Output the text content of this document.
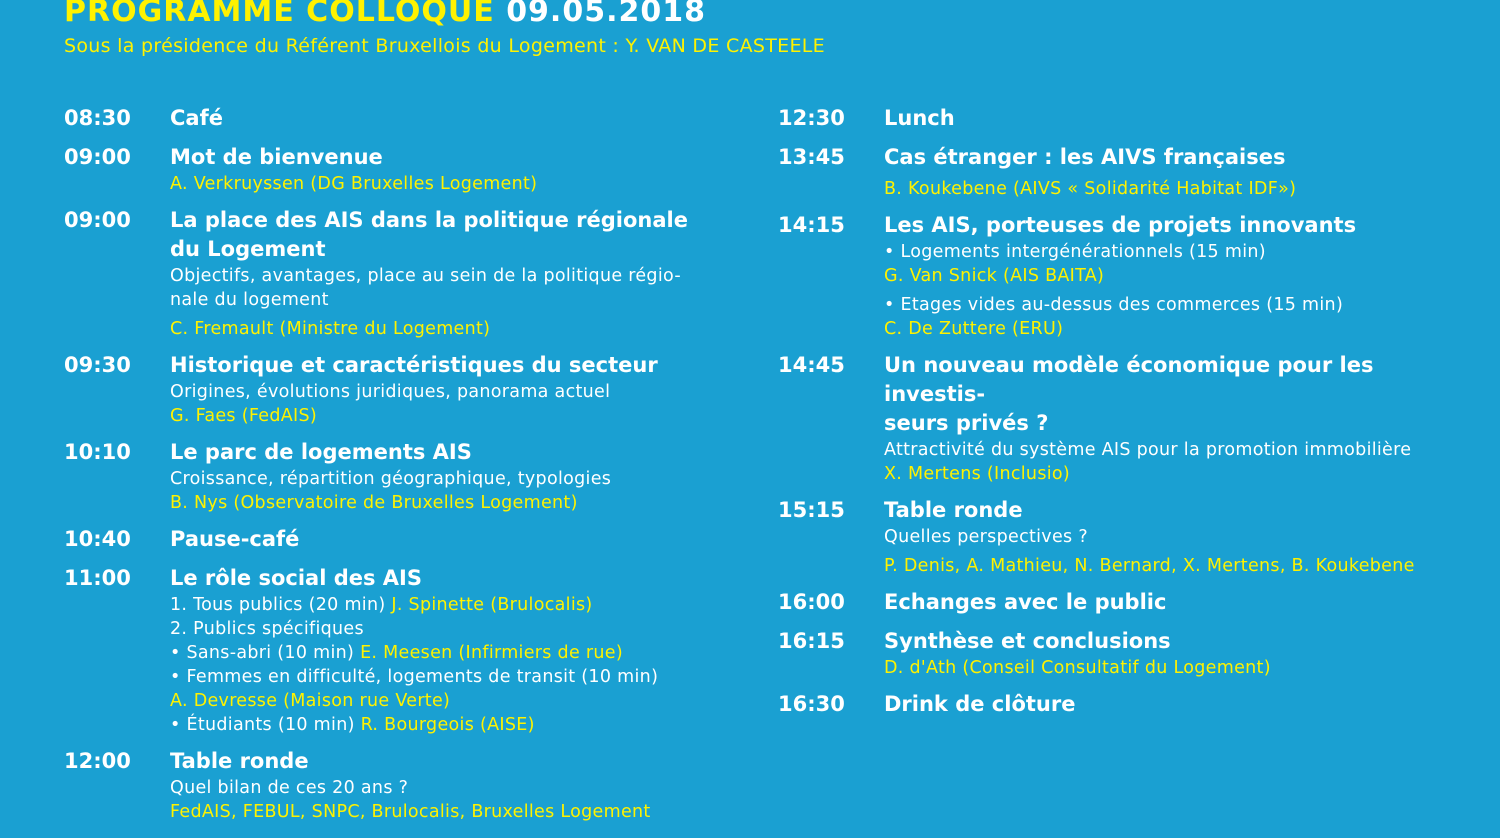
PROGRAMME COLLOQUE 09.05.2018
Sous la présidence du Référent Bruxellois du Logement : Y. VAN DE CASTEELE
08:30	Café
09:00	Mot de bienvenue
A. Verkruyssen (DG Bruxelles Logement)
09:00	La place des AIS dans la politique régionale du Logement
Objectifs, avantages, place au sein de la politique régio-
nale du logement
C. Fremault (Ministre du Logement)
09:30	Historique et caractéristiques du secteur
Origines, évolutions juridiques, panorama actuel
G. Faes (FedAIS)
10:10	Le parc de logements AIS
Croissance, répartition géographique, typologies
B. Nys (Observatoire de Bruxelles Logement)
10:40	Pause-café
11:00	Le rôle social des AIS
1. Tous publics (20 min) J. Spinette (Brulocalis)
2. Publics spécifiques
• Sans-abri (10 min) E. Meesen (Infirmiers de rue)
• Femmes en difficulté, logements de transit (10 min)
A. Devresse (Maison rue Verte)
• Étudiants (10 min) R. Bourgeois (AISE)
12:00	Table ronde
Quel bilan de ces 20 ans ?
FedAIS, FEBUL, SNPC, Brulocalis, Bruxelles Logement
12:30	Lunch
13:45	Cas étranger : les AIVS françaises
B. Koukebene (AIVS « Solidarité Habitat IDF»)
14:15	Les AIS, porteuses de projets innovants
• Logements intergénérationnels (15 min)
G. Van Snick (AIS BAITA)
• Etages vides au-dessus des commerces (15 min)
C. De Zuttere (ERU)
14:45	Un nouveau modèle économique pour les investis-
seurs privés ?
Attractivité du système AIS pour la promotion immobilière
X. Mertens (Inclusio)
15:15	Table ronde
Quelles perspectives ?
P. Denis, A. Mathieu, N. Bernard, X. Mertens, B. Koukebene
16:00	Echanges avec le public
16:15	Synthèse et conclusions
D. d'Ath (Conseil Consultatif du Logement)
16:30	Drink de clôture
